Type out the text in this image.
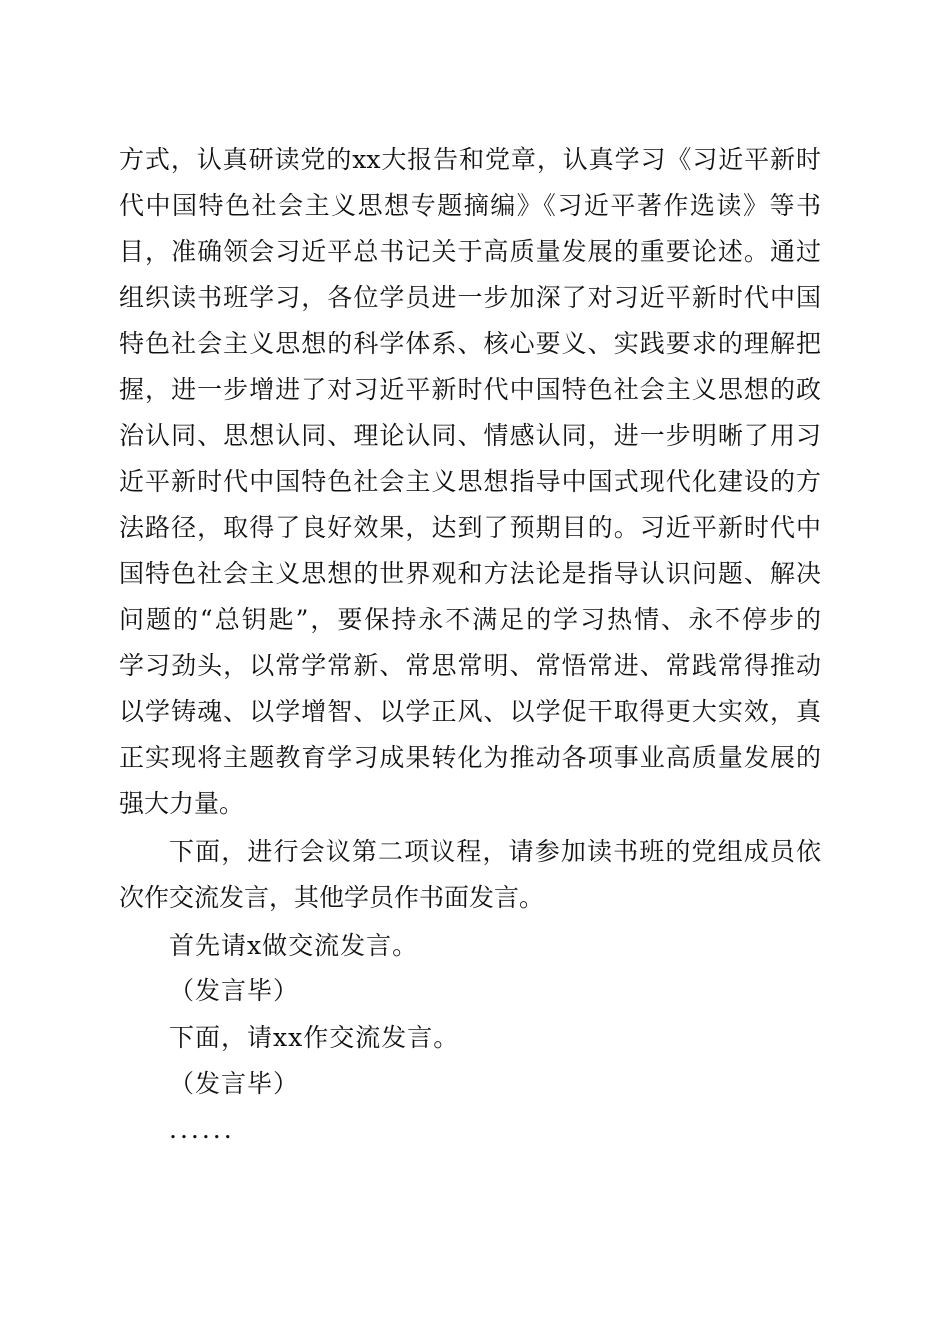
方式，认真研读党的xx大报告和党章，认真学习《习近平新时
代中国特色社会主义思想专题摘编》《习近平著作选读》等书
目，准确领会习近平总书记关于高质量发展的重要论述。通过
组织读书班学习，各位学员进一步加深了对习近平新时代中国
特色社会主义思想的科学体系、核心要义、实践要求的理解把
握，进一步增进了对习近平新时代中国特色社会主义思想的政
治认同、思想认同、理论认同、情感认同，进一步明晰了用习
近平新时代中国特色社会主义思想指导中国式现代化建设的方
法路径，取得了良好效果，达到了预期目的。习近平新时代中
国特色社会主义思想的世界观和方法论是指导认识问题、解决
问题的“总钥匙”，要保持永不满足的学习热情、永不停步的
学习劲头，以常学常新、常思常明、常悟常进、常践常得推动
以学铸魂、以学增智、以学正风、以学促干取得更大实效，真
正实现将主题教育学习成果转化为推动各项事业高质量发展的
强大力量。
下面，进行会议第二项议程，请参加读书班的党组成员依
次作交流发言，其他学员作书面发言。
首先请x做交流发言。
（发言毕）
下面，请xx作交流发言。
（发言毕）
......
